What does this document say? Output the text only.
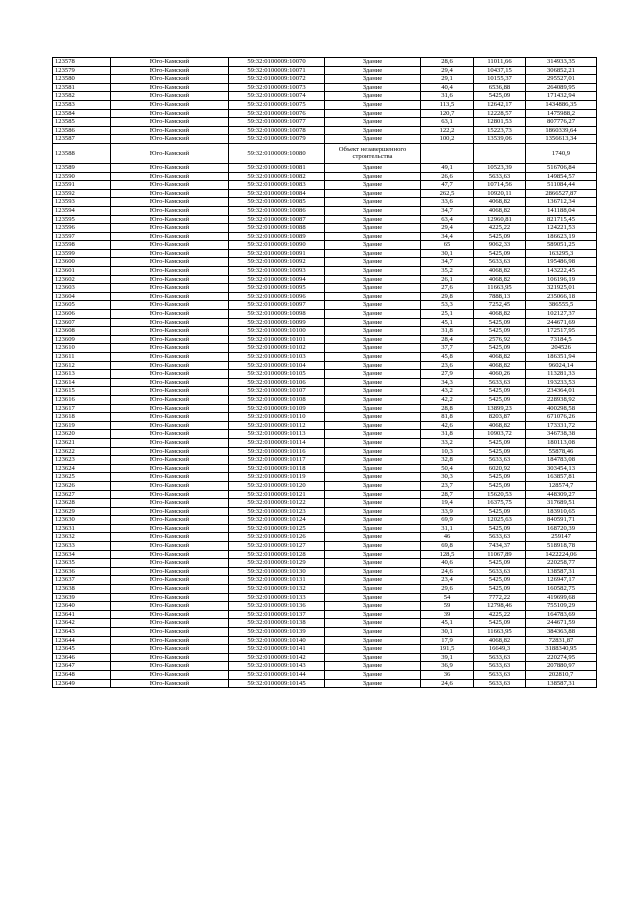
123578	Юго-Камский	59:32:0100009:10070	Здание	28,6	11011,66	314933,35
123579	Юго-Камский	59:32:0100009:10071	Здание	29,4	10437,15	306852,21
123580	Юго-Камский	59:32:0100009:10072	Здание	29,1	10155,37	295527,01
123581	Юго-Камский	59:32:0100009:10073	Здание	40,4	6536,88	264089,95
123582	Юго-Камский	59:32:0100009:10074	Здание	31,6	5425,09	171432,94
123583	Юго-Камский	59:32:0100009:10075	Здание	113,5	12642,17	1434886,35
123584	Юго-Камский	59:32:0100009:10076	Здание	120,7	12228,57	1475988,2
123585	Юго-Камский	59:32:0100009:10077	Здание	63,1	12801,53	807776,27
123586	Юго-Камский	59:32:0100009:10078	Здание	122,2	15223,73	1860339,64
123587	Юго-Камский	59:32:0100009:10079	Здание	100,2	13539,06	1356613,34
123588	Юго-Камский	59:32:0100009:10080	Объект незавершенного строительства			1740,9
123589	Юго-Камский	59:32:0100009:10081	Здание	49,1	10523,39	516706,84
123590	Юго-Камский	59:32:0100009:10082	Здание	26,6	5633,63	149854,57
123591	Юго-Камский	59:32:0100009:10083	Здание	47,7	10714,56	511084,44
123592	Юго-Камский	59:32:0100009:10084	Здание	262,5	10920,11	2866527,87
123593	Юго-Камский	59:32:0100009:10085	Здание	33,6	4068,82	136712,34
123594	Юго-Камский	59:32:0100009:10086	Здание	34,7	4068,82	141188,04
123595	Юго-Камский	59:32:0100009:10087	Здание	63,4	12960,81	821715,45
123596	Юго-Камский	59:32:0100009:10088	Здание	29,4	4225,22	124221,53
123597	Юго-Камский	59:32:0100009:10089	Здание	34,4	5425,09	186623,19
123598	Юго-Камский	59:32:0100009:10090	Здание	65	9062,33	589051,25
123599	Юго-Камский	59:32:0100009:10091	Здание	30,1	5425,09	163295,3
123600	Юго-Камский	59:32:0100009:10092	Здание	34,7	5633,63	195486,98
123601	Юго-Камский	59:32:0100009:10093	Здание	35,2	4068,82	143222,45
123602	Юго-Камский	59:32:0100009:10094	Здание	26,1	4068,82	106196,19
123603	Юго-Камский	59:32:0100009:10095	Здание	27,6	11663,95	321925,01
123604	Юго-Камский	59:32:0100009:10096	Здание	29,8	7888,13	235066,18
123605	Юго-Камский	59:32:0100009:10097	Здание	53,3	7252,45	386555,5
123606	Юго-Камский	59:32:0100009:10098	Здание	25,1	4068,82	102127,37
123607	Юго-Камский	59:32:0100009:10099	Здание	45,1	5425,09	244671,69
123608	Юго-Камский	59:32:0100009:10100	Здание	31,8	5425,09	172517,95
123609	Юго-Камский	59:32:0100009:10101	Здание	28,4	2576,92	73184,5
123610	Юго-Камский	59:32:0100009:10102	Здание	37,7	5425,09	204526
123611	Юго-Камский	59:32:0100009:10103	Здание	45,8	4068,82	186351,94
123612	Юго-Камский	59:32:0100009:10104	Здание	23,6	4068,82	96024,14
123613	Юго-Камский	59:32:0100009:10105	Здание	27,9	4060,26	113281,33
123614	Юго-Камский	59:32:0100009:10106	Здание	34,3	5633,63	193233,53
123615	Юго-Камский	59:32:0100009:10107	Здание	43,2	5425,09	234364,01
123616	Юго-Камский	59:32:0100009:10108	Здание	42,2	5425,09	228938,92
123617	Юго-Камский	59:32:0100009:10109	Здание	28,8	13899,23	400298,58
123618	Юго-Камский	59:32:0100009:10110	Здание	81,8	8203,87	671076,26
123619	Юго-Камский	59:32:0100009:10112	Здание	42,6	4068,82	173331,72
123620	Юго-Камский	59:32:0100009:10113	Здание	31,8	10903,72	346738,38
123621	Юго-Камский	59:32:0100009:10114	Здание	33,2	5425,09	180113,08
123622	Юго-Камский	59:32:0100009:10116	Здание	10,3	5425,09	55878,46
123623	Юго-Камский	59:32:0100009:10117	Здание	32,8	5633,63	184783,08
123624	Юго-Камский	59:32:0100009:10118	Здание	50,4	6020,92	303454,13
123625	Юго-Камский	59:32:0100009:10119	Здание	30,3	5425,09	163857,81
123626	Юго-Камский	59:32:0100009:10120	Здание	23,7	5425,09	128574,7
123627	Юго-Камский	59:32:0100009:10121	Здание	28,7	15620,53	448309,27
123628	Юго-Камский	59:32:0100009:10122	Здание	19,4	16375,75	317689,51
123629	Юго-Камский	59:32:0100009:10123	Здание	33,9	5425,09	183910,65
123630	Юго-Камский	59:32:0100009:10124	Здание	69,9	12025,63	840591,71
123631	Юго-Камский	59:32:0100009:10125	Здание	31,1	5425,09	168720,39
123632	Юго-Камский	59:32:0100009:10126	Здание	46	5633,63	259147
123633	Юго-Камский	59:32:0100009:10127	Здание	69,8	7434,37	518918,78
123634	Юго-Камский	59:32:0100009:10128	Здание	128,5	11067,89	1422224,06
123635	Юго-Камский	59:32:0100009:10129	Здание	40,6	5425,09	220258,77
123636	Юго-Камский	59:32:0100009:10130	Здание	24,6	5633,63	138587,31
123637	Юго-Камский	59:32:0100009:10131	Здание	23,4	5425,09	126947,17
123638	Юго-Камский	59:32:0100009:10132	Здание	29,6	5425,09	160582,75
123639	Юго-Камский	59:32:0100009:10133	Здание	54	7772,22	419699,68
123640	Юго-Камский	59:32:0100009:10136	Здание	59	12798,46	755109,29
123641	Юго-Камский	59:32:0100009:10137	Здание	39	4225,22	164783,69
123642	Юго-Камский	59:32:0100009:10138	Здание	45,1	5425,09	244671,59
123643	Юго-Камский	59:32:0100009:10139	Здание	30,1	11663,95	384363,88
123644	Юго-Камский	59:32:0100009:10140	Здание	17,9	4068,82	72831,87
123645	Юго-Камский	59:32:0100009:10141	Здание	191,5	16649,3	3188340,95
123646	Юго-Камский	59:32:0100009:10142	Здание	39,1	5633,63	220274,95
123647	Юго-Камский	59:32:0100009:10143	Здание	36,9	5633,63	207880,97
123648	Юго-Камский	59:32:0100009:10144	Здание	36	5633,63	202810,7
123649	Юго-Камский	59:32:0100009:10145	Здание	24,6	5633,63	138587,31
